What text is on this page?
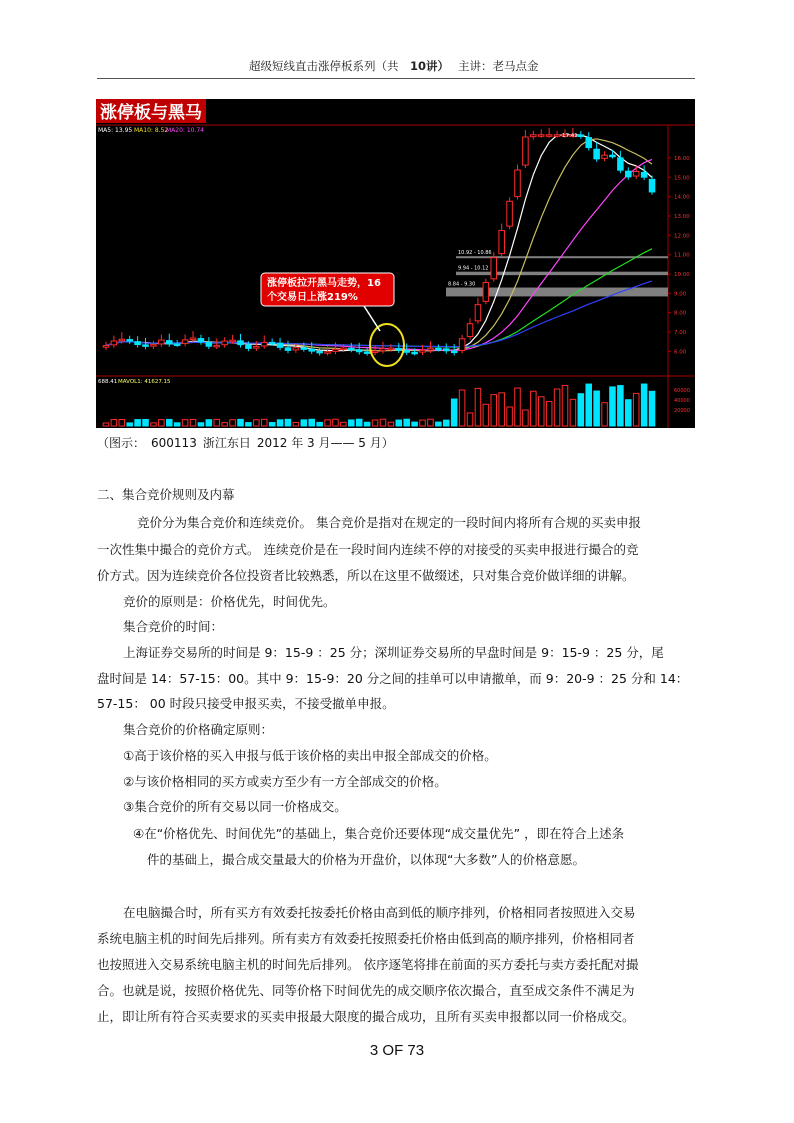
超级短线直击涨停板系列（共 10讲） 主讲：老马点金
涨停板与黑马
MA5: 13.95 MA10: 8.52
MA20: 10.74
688.41 MAVOL1: 41627.15
10.92 - 10.86
9.94 - 10.12
8.84 - 9.30
16.00
15.00
14.00
13.00
12.00
11.00
10.00
9.00
8.00
7.00
6.00
60000
40000
20000
17.41
涨停板拉开黑马走势，16
个交易日上涨219%
（图示： 600113 浙江东日 2012 年 3 月—— 5 月）
二、集合竞价规则及内幕
竞价分为集合竞价和连续竞价。 集合竞价是指对在规定的一段时间内将所有合规的买卖申报
一次性集中撮合的竞价方式。 连续竞价是在一段时间内连续不停的对接受的买卖申报进行撮合的竞
价方式。因为连续竞价各位投资者比较熟悉，所以在这里不做缀述，只对集合竞价做详细的讲解。
竞价的原则是：价格优先，时间优先。
集合竞价的时间：
上海证券交易所的时间是 9：15-9 ：25 分；深圳证券交易所的早盘时间是 9：15-9 ：25 分，尾
盘时间是 14：57-15：00。其中 9：15-9：20 分之间的挂单可以申请撤单，而 9：20-9 ：25 分和 14：
57-15： 00 时段只接受申报买卖，不接受撤单申报。
集合竞价的价格确定原则：
①高于该价格的买入申报与低于该价格的卖出申报全部成交的价格。
②与该价格相同的买方或卖方至少有一方全部成交的价格。
③集合竞价的所有交易以同一价格成交。
④在“价格优先、时间优先”的基础上，集合竞价还要体现“成交量优先” ，即在符合上述条
件的基础上，撮合成交量最大的价格为开盘价，以体现“大多数”人的价格意愿。
在电脑撮合时，所有买方有效委托按委托价格由高到低的顺序排列，价格相同者按照进入交易
系统电脑主机的时间先后排列。所有卖方有效委托按照委托价格由低到高的顺序排列，价格相同者
也按照进入交易系统电脑主机的时间先后排列。 依序逐笔将排在前面的买方委托与卖方委托配对撮
合。也就是说，按照价格优先、同等价格下时间优先的成交顺序依次撮合，直至成交条件不满足为
止，即让所有符合买卖要求的买卖申报最大限度的撮合成功，且所有买卖申报都以同一价格成交。
3 OF 73
